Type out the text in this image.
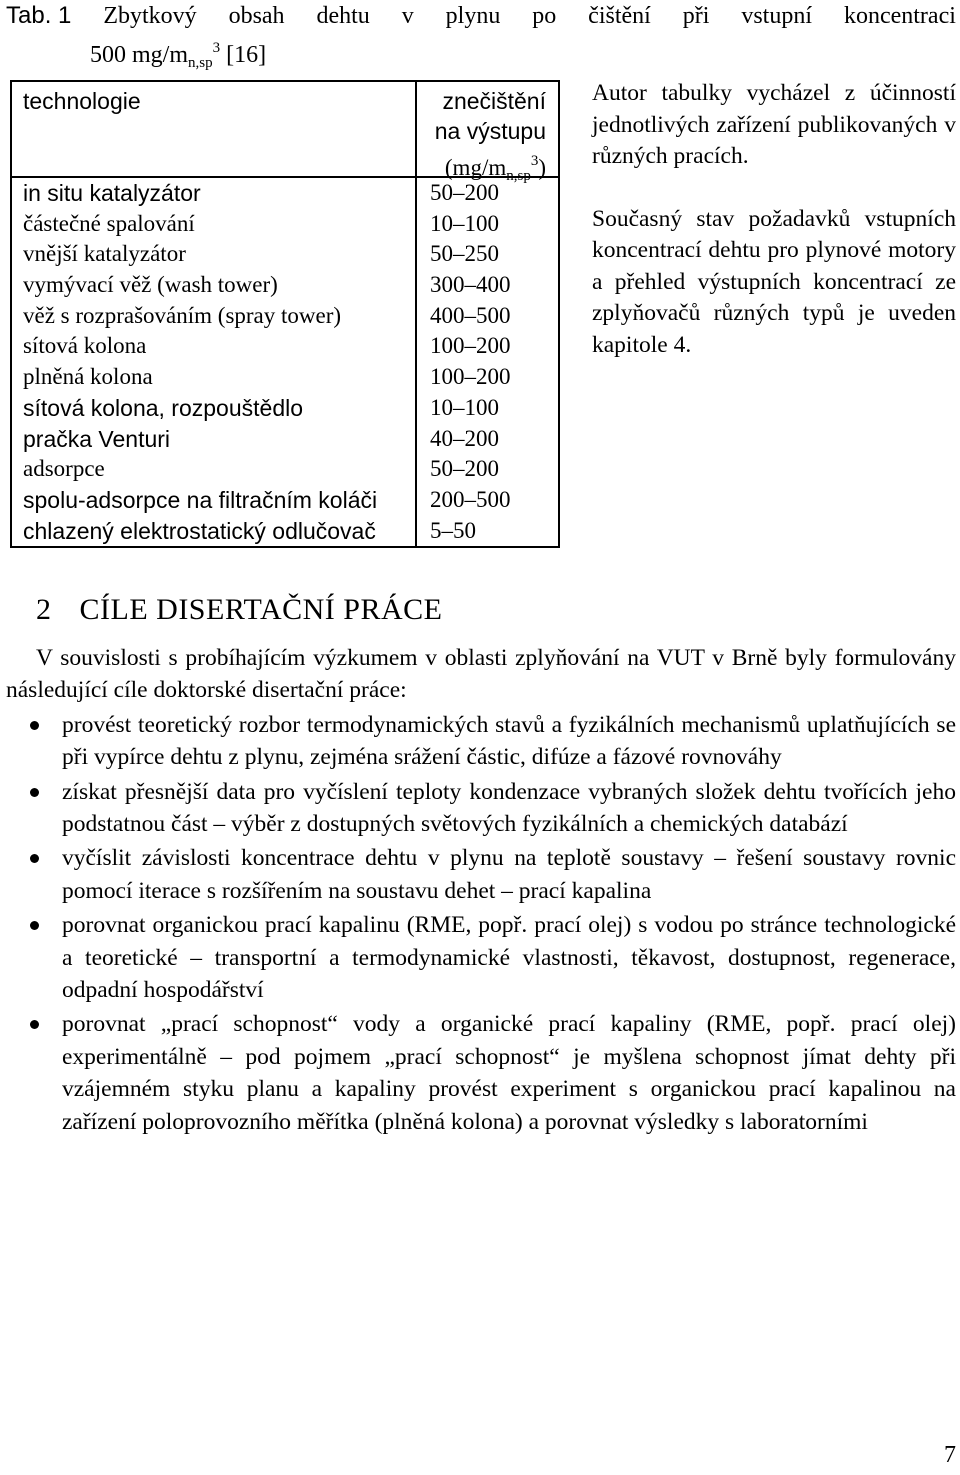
Tab. 1 Zbytkový obsah dehtu v plynu po čištění při vstupní koncentraci
500 $mg/m_{n,sp}^3$ [16]
technologie	znečištění
na výstupu
$(mg/m_{n,sp}^3)$
in situ katalyzátor	50–200
částečné spalování	10–100
vnější katalyzátor	50–250
vymývací věž (wash tower)	300–400
věž s rozprašováním (spray tower)	400–500
sítová kolona	100–200
plněná kolona	100–200
sítová kolona, rozpouštědlo	10–100
pračka Venturi	40–200
adsorpce	50–200
spolu-adsorpce na filtračním koláči 200–500
chlazený elektrostatický odlučovač 5–50

Autor tabulky vycházel z účinností jednotlivých zařízení publikovaných v různých pracích.

Současný stav požadavků vstupních koncentrací dehtu pro plynové motory a přehled výstupních koncentrací ze zplyňovačů různých typů je uveden kapitole 4.

2 CÍLE DISERTAČNÍ PRÁCE

V souvislosti s probíhajícím výzkumem v oblasti zplyňování na VUT v Brně byly formulovány následující cíle doktorské disertační práce:

provést teoretický rozbor termodynamických stavů a fyzikálních mechanismů uplatňujících se při vypírce dehtu z plynu, zejména srážení částic, difúze a fázové rovnováhy
získat přesnější data pro vyčíslení teploty kondenzace vybraných složek dehtu tvořících jeho podstatnou část – výběr z dostupných světových fyzikálních a chemických databází
vyčíslit závislosti koncentrace dehtu v plynu na teplotě soustavy – řešení soustavy rovnic pomocí iterace s rozšířením na soustavu dehet – prací kapalina
porovnat organickou prací kapalinu (RME, popř. prací olej) s vodou po stránce technologické a teoretické – transportní a termodynamické vlastnosti, těkavost, dostupnost, regenerace, odpadní hospodářství
porovnat „prací schopnost“ vody a organické prací kapaliny (RME, popř. prací olej) experimentálně – pod pojmem „prací schopnost“ je myšlena schopnost jímat dehty při vzájemném styku planu a kapaliny provést experiment s organickou prací kapalinou na zařízení poloprovozního měřítka (plněná kolona) a porovnat výsledky s laboratorními
7
